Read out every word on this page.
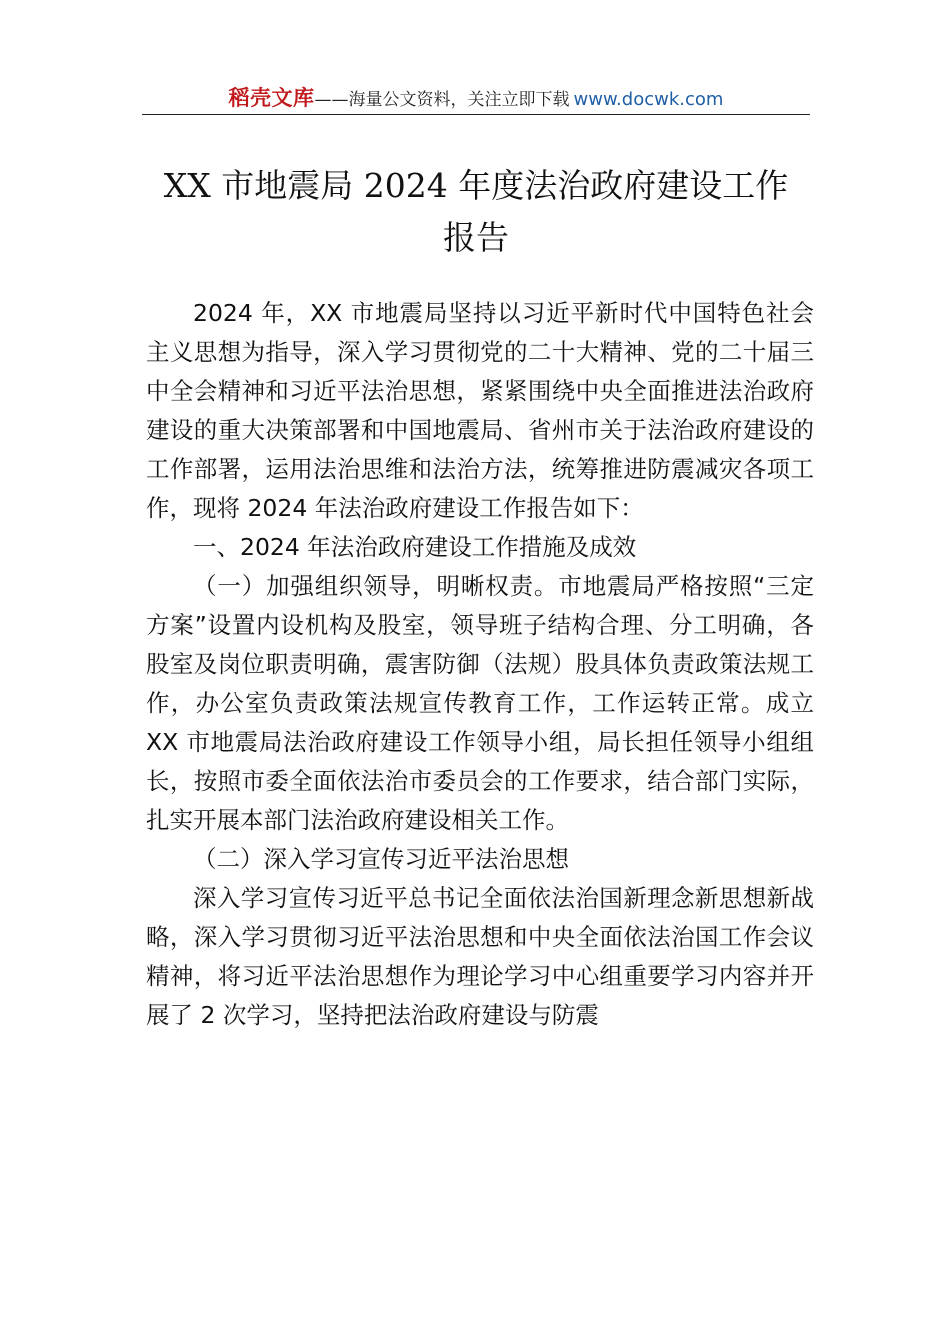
稻壳文库——海量公文资料，关注立即下载 www.docwk.com
XX 市地震局 2024 年度法治政府建设工作
报告

2024 年，XX 市地震局坚持以习近平新时代中国特色社会主义思想为指导，深入学习贯彻党的二十大精神、党的二十届三中全会精神和习近平法治思想，紧紧围绕中央全面推进法治政府建设的重大决策部署和中国地震局、省州市关于法治政府建设的工作部署，运用法治思维和法治方法，统筹推进防震减灾各项工作，现将 2024 年法治政府建设工作报告如下：

一、2024 年法治政府建设工作措施及成效

（一）加强组织领导，明晰权责。市地震局严格按照“三定方案”设置内设机构及股室，领导班子结构合理、分工明确，各股室及岗位职责明确，震害防御（法规）股具体负责政策法规工作，办公室负责政策法规宣传教育工作，工作运转正常。成立 XX 市地震局法治政府建设工作领导小组，局长担任领导小组组长，按照市委全面依法治市委员会的工作要求，结合部门实际，扎实开展本部门法治政府建设相关工作。

（二）深入学习宣传习近平法治思想

深入学习宣传习近平总书记全面依法治国新理念新思想新战略，深入学习贯彻习近平法治思想和中央全面依法治国工作会议精神，将习近平法治思想作为理论学习中心组重要学习内容并开展了 2 次学习，坚持把法治政府建设与防震
